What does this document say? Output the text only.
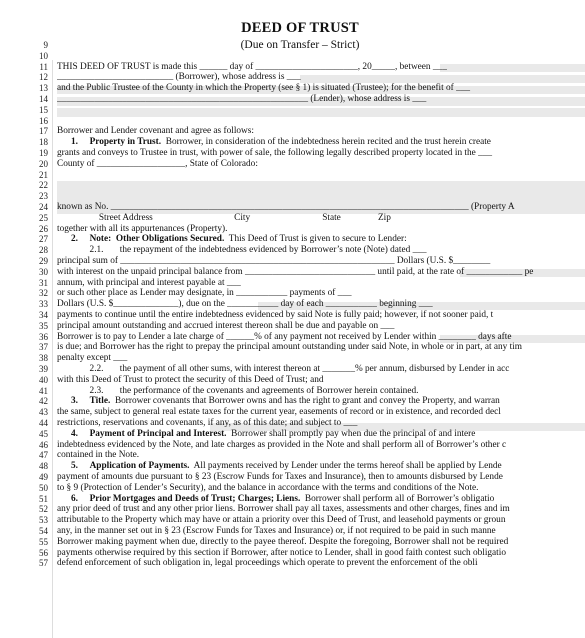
DEED OF TRUST
(Due on Transfer – Strict)
9
10
11 THIS DEED OF TRUST is made this ______ day of ______________________, 20_____, between ___
12 _________________________ (Borrower), whose address is ___
13 and the Public Trustee of the County in which the Property (see § 1) is situated (Trustee); for the benefit of ___
14 ______________________________________________________ (Lender), whose address is ___
15
16
17 Borrower and Lender covenant and agree as follows:
18	1. Property in Trust.  Borrower, in consideration of the indebtedness herein recited and the trust herein create
19 grants and conveys to Trustee in trust, with power of sale, the following legally described property located in the ___
20 County of ___________________, State of Colorado:
21
22
23
24 known as No. _____________________________________________________________________________ (Property A
25 Street Address                                   City                               State                Zip
26 together with all its appurtenances (Property).
27	2. Note:  Other Obligations Secured.  This Deed of Trust is given to secure to Lender:
28 2.1.       the repayment of the indebtedness evidenced by Borrower’s note (Note) dated ___
29 principal sum of ___________________________________________________________ Dollars (U.S. $________
30 with interest on the unpaid principal balance from ____________________________ until paid, at the rate of ____________ pe
31 annum, with principal and interest payable at ___
32 or such other place as Lender may designate, in ___________ payments of ___
33 Dollars (U.S. $______________), due on the ___________ day of each ___________ beginning ___
34 payments to continue until the entire indebtedness evidenced by said Note is fully paid; however, if not sooner paid, t
35 principal amount outstanding and accrued interest thereon shall be due and payable on ___
36 Borrower is to pay to Lender a late charge of ______% of any payment not received by Lender within ________ days afte
37 is due; and Borrower has the right to prepay the principal amount outstanding under said Note, in whole or in part, at any tim
38 penalty except ___
39 2.2.       the payment of all other sums, with interest thereon at _______% per annum, disbursed by Lender in acc
40 with this Deed of Trust to protect the security of this Deed of Trust; and
41 2.3.       the performance of the covenants and agreements of Borrower herein contained.
42	3. Title.  Borrower covenants that Borrower owns and has the right to grant and convey the Property, and warran
43 the same, subject to general real estate taxes for the current year, easements of record or in existence, and recorded decl
44 restrictions, reservations and covenants, if any, as of this date; and subject to ___
45	4. Payment of Principal and Interest.  Borrower shall promptly pay when due the principal of and intere
46 indebtedness evidenced by the Note, and late charges as provided in the Note and shall perform all of Borrower’s other c
47 contained in the Note.
48	5. Application of Payments.  All payments received by Lender under the terms hereof shall be applied by Lende
49 payment of amounts due pursuant to § 23 (Escrow Funds for Taxes and Insurance), then to amounts disbursed by Lende
50 to § 9 (Protection of Lender’s Security), and the balance in accordance with the terms and conditions of the Note.
51	6. Prior Mortgages and Deeds of Trust; Charges; Liens.  Borrower shall perform all of Borrower’s obligatio
52 any prior deed of trust and any other prior liens. Borrower shall pay all taxes, assessments and other charges, fines and im
53 attributable to the Property which may have or attain a priority over this Deed of Trust, and leasehold payments or groun
54 any, in the manner set out in § 23 (Escrow Funds for Taxes and Insurance) or, if not required to be paid in such manne
55 Borrower making payment when due, directly to the payee thereof. Despite the foregoing, Borrower shall not be required
56 payments otherwise required by this section if Borrower, after notice to Lender, shall in good faith contest such obligatio
57 defend enforcement of such obligation in, legal proceedings which operate to prevent the enforcement of the obli
